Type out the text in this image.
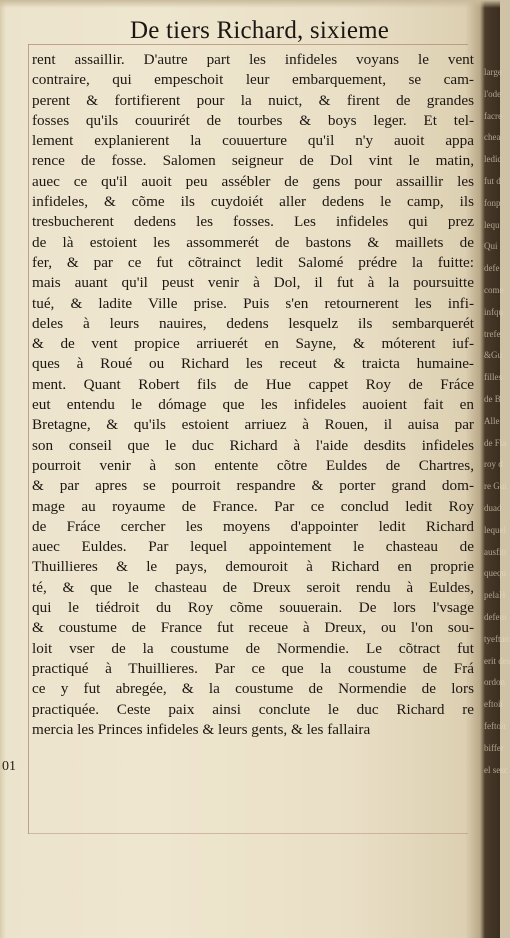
De tiers Richard, sixieme
rent assaillir. D'autre part les infideles voyans le vent
contraire, qui empeschoit leur embarquement, se cam-
perent & fortifierent pour la nuict, & firent de grandes
fosses qu'ils couurirét de tourbes & boys leger. Et tel-
lement explanierent la couuerture qu'il n'y auoit appa
rence de fosse. Salomen seigneur de Dol vint le matin,
auec ce qu'il auoit peu assébler de gens pour assaillir les
infideles, & cõme ils cuydoiét aller dedens le camp, ils
tresbucherent dedens les fosses. Les infideles qui prez
de là estoient les assommerét de bastons & maillets de
fer, & par ce fut cõtrainct ledit Salomé prédre la fuitte:
mais auant qu'il peust venir à Dol, il fut à la poursuitte
tué, & ladite Ville prise. Puis s'en retournerent les infi-
deles à leurs nauires, dedens lesquelz ils sembarquerét
& de vent propice arriuerét en Sayne, & móterent iuf-
ques à Roué ou Richard les receut & traicta humaine-
ment. Quant Robert fils de Hue cappet Roy de Fráce
eut entendu le dómage que les infideles auoient fait en
Bretagne, & qu'ils estoient arriuez à Rouen, il auisa par
son conseil que le duc Richard à l'aide desdits infideles
pourroit venir à son entente cõtre Euldes de Chartres,
& par apres se pourroit respandre & porter grand dom-
mage au royaume de France. Par ce conclud ledit Roy
de Fráce cercher les moyens d'appointer ledit Richard
auec Euldes. Par lequel appointement le chasteau de
Thuillieres & le pays, demouroit à Richard en proprie
té, & que le chasteau de Dreux seroit rendu à Euldes,
qui le tiédroit du Roy cõme souuerain. De lors l'vsage
& coustume de France fut receue à Dreux, ou l'on sou-
loit vser de la coustume de Normendie. Le cõtract fut
practiqué à Thuillieres. Par ce que la coustume de Frá
ce y fut abregée, & la coustume de Normendie de lors
practiquée. Ceste paix ainsi conclute le duc Richard re
mercia les Princes infideles & leurs gents, & les fallaira
01
large
l'ode
facre
chea
ledic
fut d
fonp
lequ
Qui
defe
come
infqu
trefe
&Gu
filles
de B
Alle
de Fla
roy d
re Gui
duad
lequel
ausfin
quequ
pelaH
defem
tyeftan
erit des
ordon
eftoit
feftoit
biffer
el sesc
